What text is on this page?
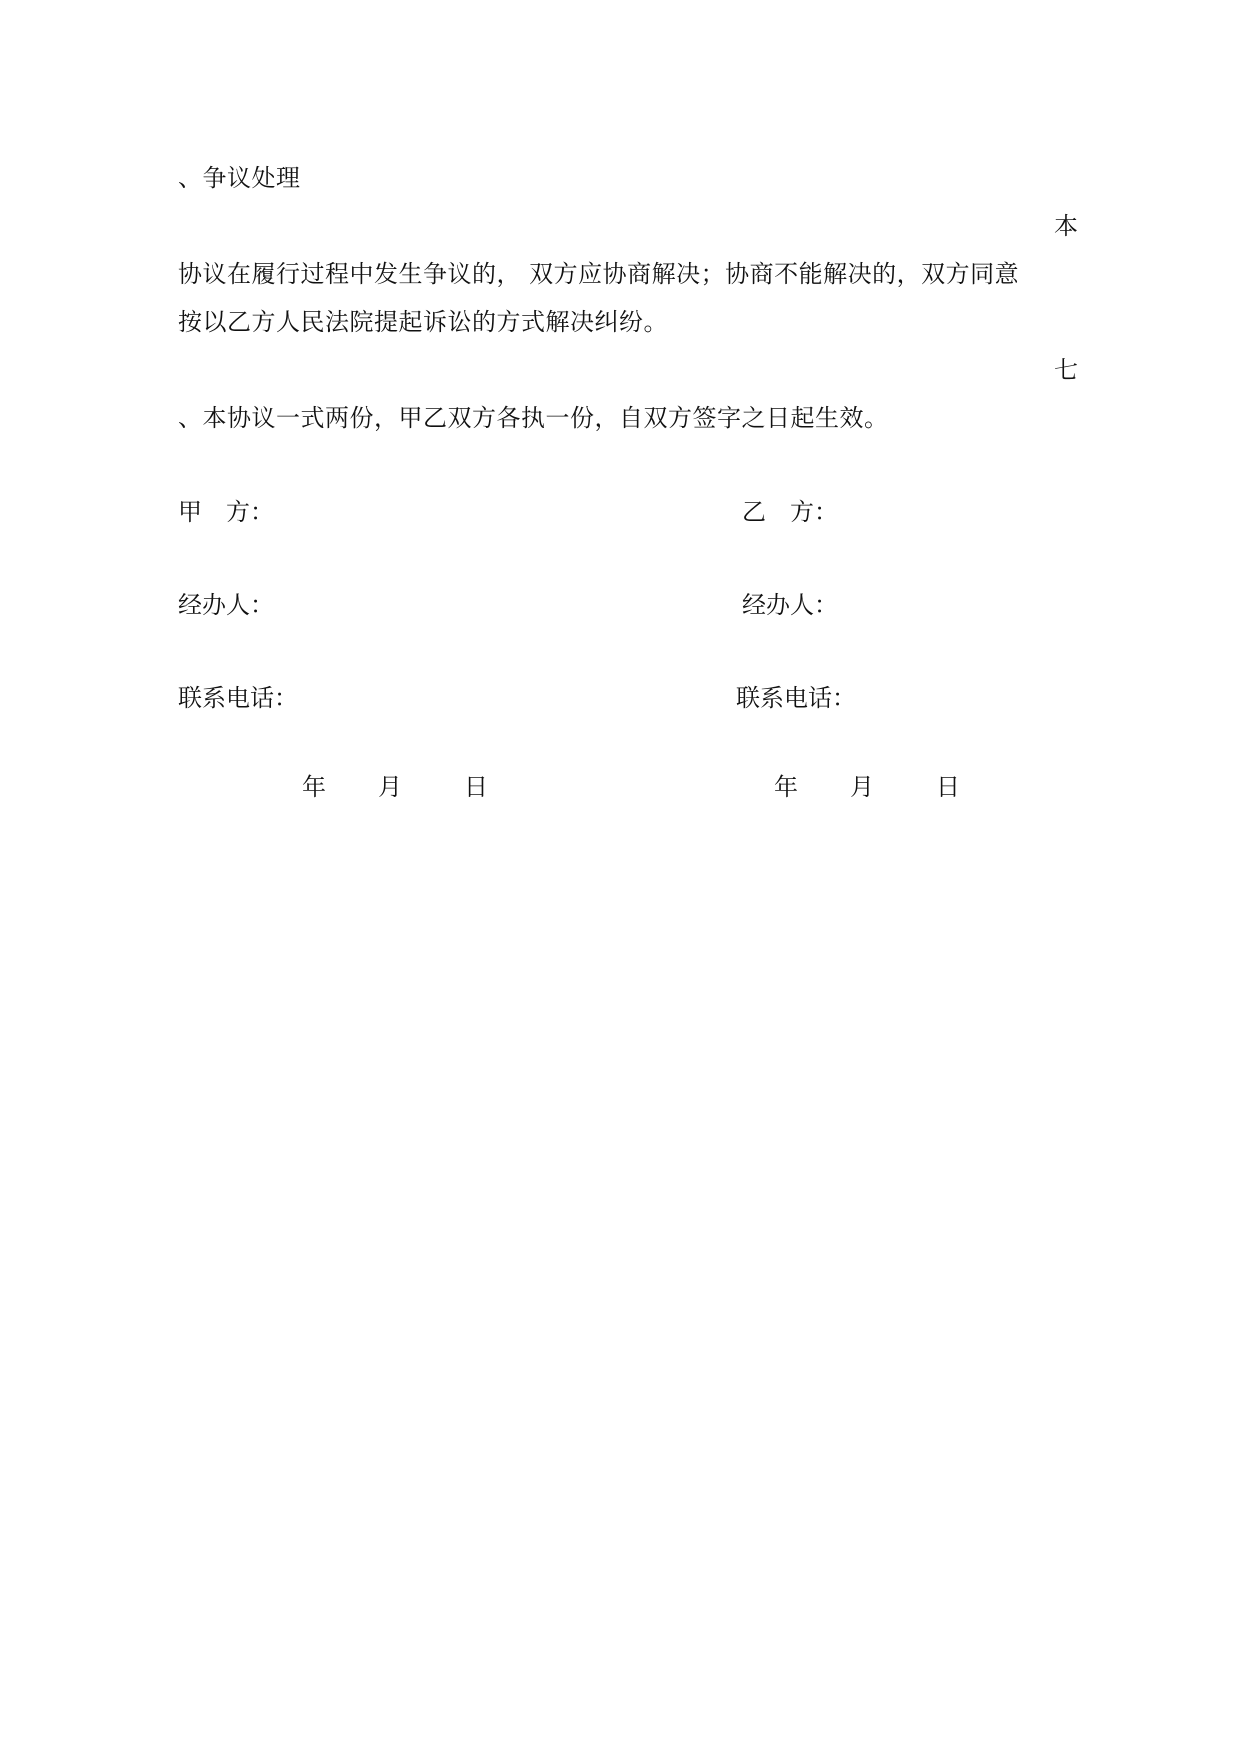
、争议处理
本
协议在履行过程中发生争议的， 双方应协商解决；协商不能解决的，双方同意
按以乙方人民法院提起诉讼的方式解决纠纷。
七
、本协议一式两份，甲乙双方各执一份，自双方签字之日起生效。
甲　方：	乙　方：
经办人：	经办人：
联系电话：	联系电话：
年 月	日	年 月	日
